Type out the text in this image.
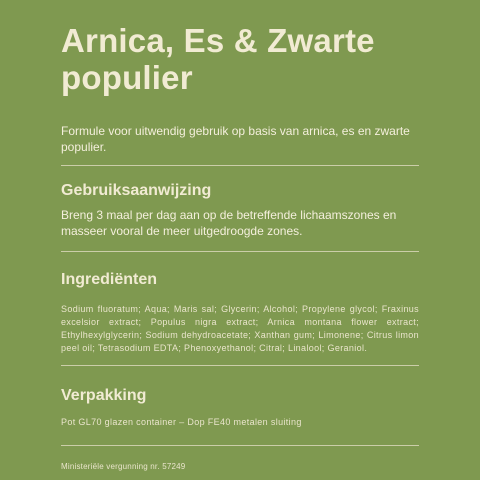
Arnica, Es & Zwarte populier

Formule voor uitwendig gebruik op basis van arnica, es en zwarte populier.

Gebruiksaanwijzing

Breng 3 maal per dag aan op de betreffende lichaamszones en masseer vooral de meer uitgedroogde zones.

Ingrediënten

Sodium fluoratum; Aqua; Maris sal; Glycerin; Alcohol; Propylene glycol; Fraxinus excelsior extract; Populus nigra extract; Arnica montana flower extract; Ethylhexylglycerin; Sodium dehydroacetate; Xanthan gum; Limonene; Citrus limon peel oil; Tetrasodium EDTA; Phenoxyethanol; Citral; Linalool; Geraniol.

Verpakking

Pot GL70 glazen container – Dop FE40 metalen sluiting

Ministeriële vergunning nr. 57249
